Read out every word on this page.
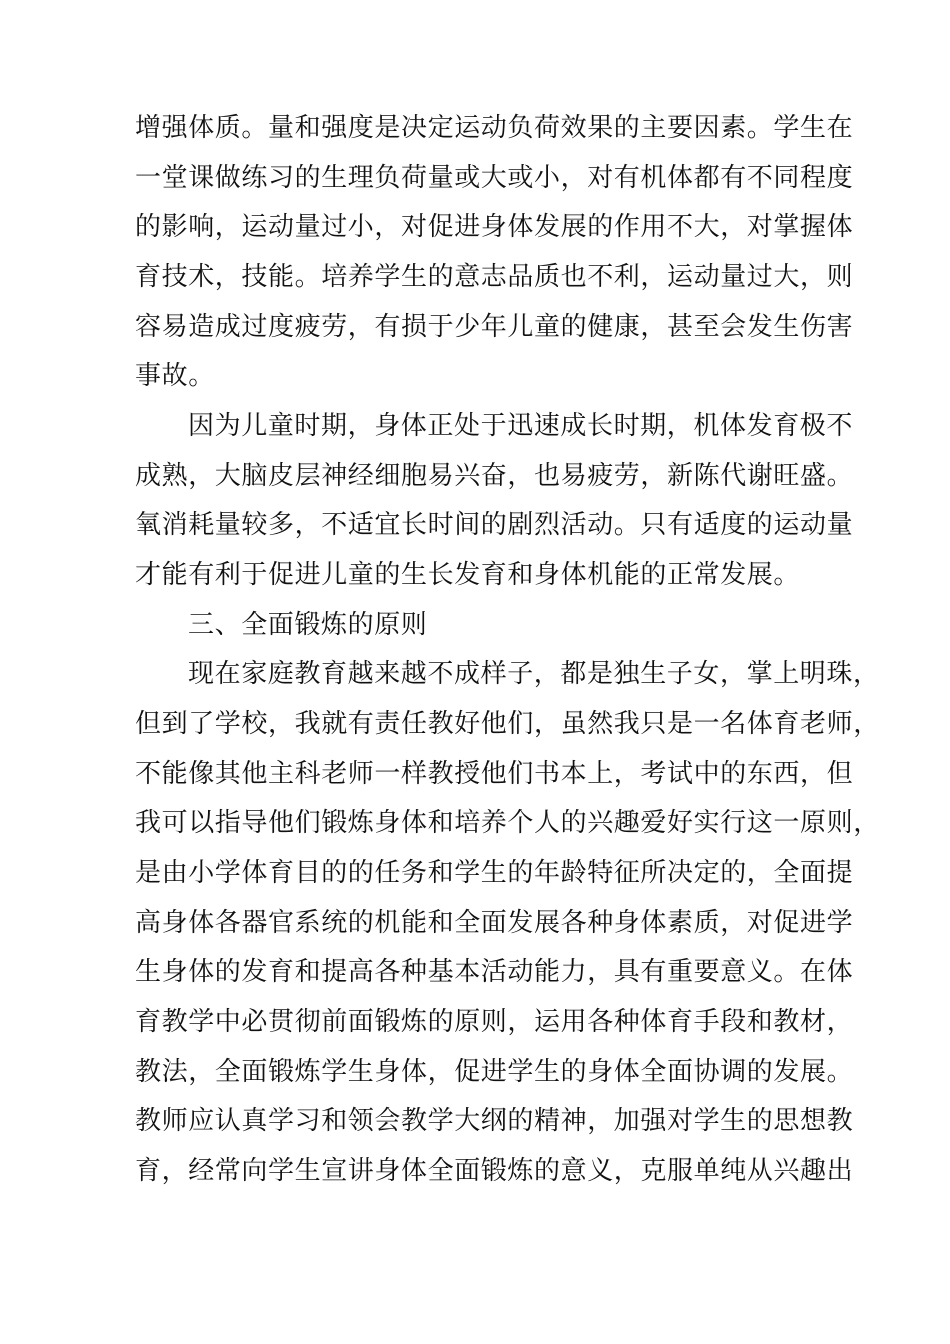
增强体质。量和强度是决定运动负荷效果的主要因素。学生在
一堂课做练习的生理负荷量或大或小，对有机体都有不同程度
的影响，运动量过小，对促进身体发展的作用不大，对掌握体
育技术，技能。培养学生的意志品质也不利，运动量过大，则
容易造成过度疲劳，有损于少年儿童的健康，甚至会发生伤害
事故。
因为儿童时期，身体正处于迅速成长时期，机体发育极不
成熟，大脑皮层神经细胞易兴奋，也易疲劳，新陈代谢旺盛。
氧消耗量较多，不适宜长时间的剧烈活动。只有适度的运动量
才能有利于促进儿童的生长发育和身体机能的正常发展。
三、全面锻炼的原则
现在家庭教育越来越不成样子，都是独生子女，掌上明珠，
但到了学校，我就有责任教好他们，虽然我只是一名体育老师，
不能像其他主科老师一样教授他们书本上，考试中的东西，但
我可以指导他们锻炼身体和培养个人的兴趣爱好实行这一原则，
是由小学体育目的的任务和学生的年龄特征所决定的，全面提
高身体各器官系统的机能和全面发展各种身体素质，对促进学
生身体的发育和提高各种基本活动能力，具有重要意义。在体
育教学中必贯彻前面锻炼的原则，运用各种体育手段和教材，
教法，全面锻炼学生身体，促进学生的身体全面协调的发展。
教师应认真学习和领会教学大纲的精神，加强对学生的思想教
育，经常向学生宣讲身体全面锻炼的意义，克服单纯从兴趣出
